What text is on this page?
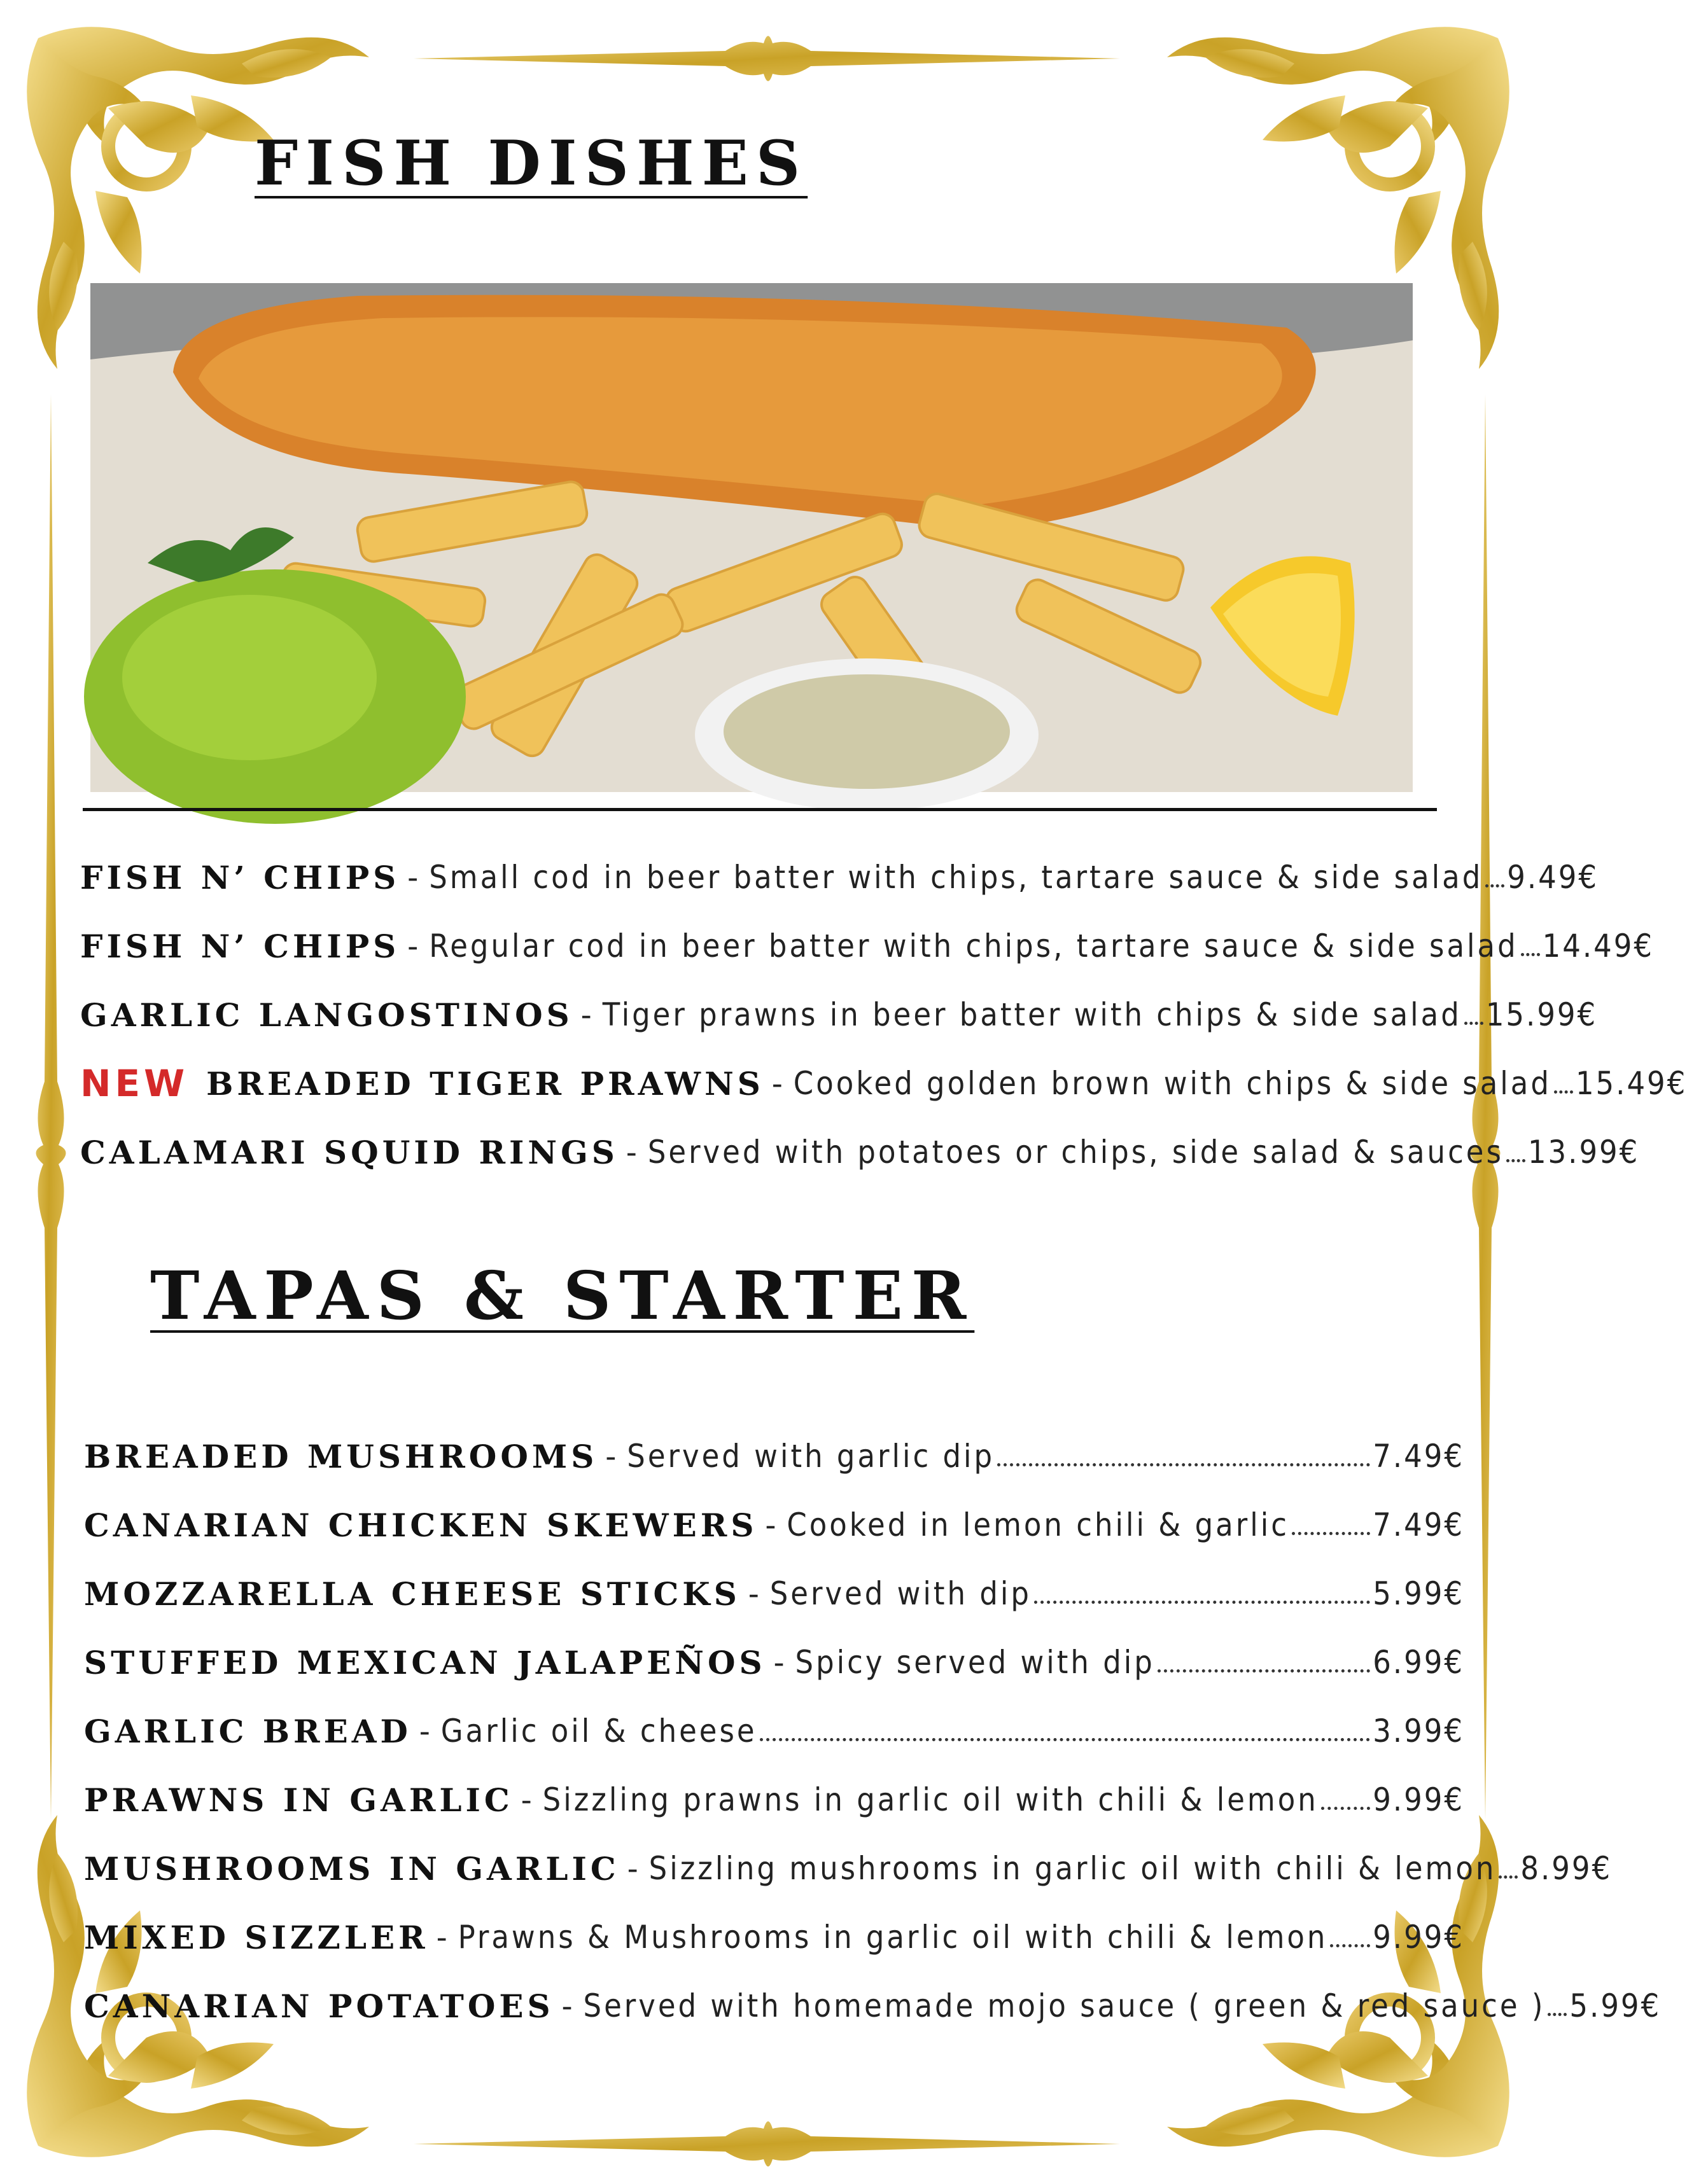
FISH DISHES
FISH N’ CHIPS - Small cod in beer batter with chips, tartare sauce & side salad 9.49€
FISH N’ CHIPS - Regular cod in beer batter with chips, tartare sauce & side salad 14.49€
GARLIC LANGOSTINOS - Tiger prawns in beer batter with chips & side salad 15.99€
NEW BREADED TIGER PRAWNS - Cooked golden brown with chips & side salad 15.49€
CALAMARI SQUID RINGS - Served with potatoes or chips, side salad & sauces 13.99€
TAPAS & STARTER
BREADED MUSHROOMS - Served with garlic dip	7.49€
CANARIAN CHICKEN SKEWERS - Cooked in lemon chili & garlic	7.49€
MOZZARELLA CHEESE STICKS - Served with dip	5.99€
STUFFED MEXICAN JALAPEÑOS - Spicy served with dip	6.99€
GARLIC BREAD - Garlic oil & cheese	3.99€
PRAWNS IN GARLIC - Sizzling prawns in garlic oil with chili & lemon 9.99€
MUSHROOMS IN GARLIC - Sizzling mushrooms in garlic oil with chili & lemon 8.99€
MIXED SIZZLER - Prawns & Mushrooms in garlic oil with chili & lemon 9.99€
CANARIAN POTATOES - Served with homemade mojo sauce ( green & red sauce ) 5.99€
